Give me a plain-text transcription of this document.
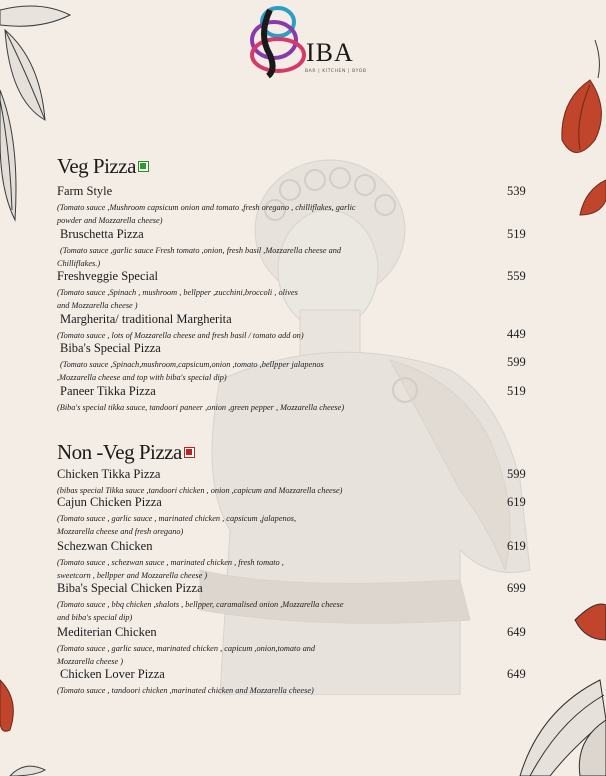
IBA
BAR | KITCHEN | BYOB
Veg Pizza
Farm Style
(Tomato sauce ,Mushroom capsicum onion and tomato ,fresh oregano , chilliflakes, garlic powder and Mozzarella cheese)
539
Bruschetta Pizza
(Tomato sauce ,garlic sauce Fresh tomato ,onion, fresh basil ,Mozzarella cheese and Chilliflakes.)
519
Freshveggie Special
(Tomato sauce ,Spinach , mushroom , bellpper ,zucchini,broccoli , olives and Mozzarella cheese )
559
Margherita/ traditional Margherita
(Tomato sauce , lots of Mozzarella cheese and fresh basil / tomato add on)	449
Biba's Special Pizza
(Tomato sauce ,Spinach,mushroom,capsicum,onion ,tomato ,bellpper jalapenos ,Mozzarella cheese and top with biba's special dip)
599
Paneer Tikka Pizza
(Biba's special tikka sauce, tandoori paneer ,onion ,green pepper , Mozzarella cheese)
519
Non -Veg Pizza
Chicken Tikka Pizza
(bibas special Tikka sauce ,tandoori chicken , onion ,capicum and Mozzarella cheese)
599
Cajun Chicken Pizza
(Tomato sauce , garlic sauce , marinated chicken , capsicum ,jalapenos, Mozzarella cheese and fresh oregano)
619
Schezwan Chicken
(Tomato sauce , schezwan sauce , marinated chicken , fresh tomato , sweetcorn , bellpper and Mozzarella cheese )
619
Biba's Special Chicken Pizza
(Tomato sauce , bbq chicken ,shalots , bellpper, caramalised onion ,Mozzarella cheese and biba's special dip)
699
Mediterian Chicken
(Tomato sauce , garlic sauce, marinated chicken , capicum ,onion,tomato and Mozzarella cheese )
649
Chicken Lover Pizza
(Tomato sauce , tandoori chicken ,marinated chicken and Mozzarella cheese)
649
